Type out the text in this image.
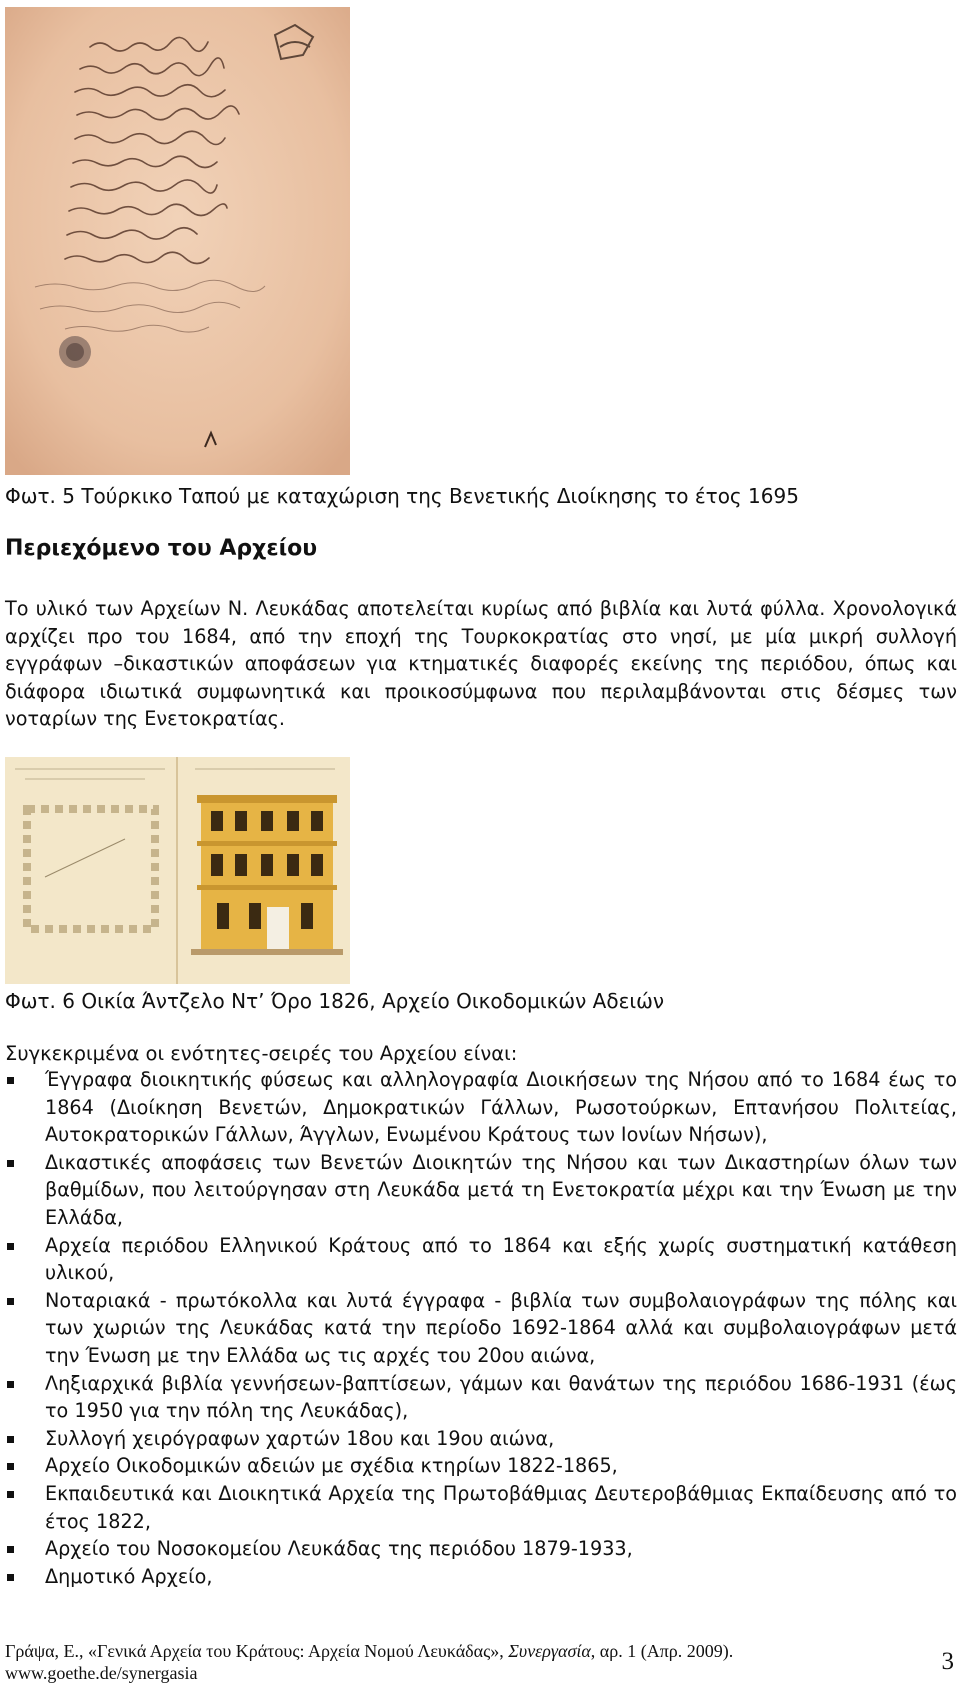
Φωτ. 5 Τούρκικο Ταπού με καταχώριση της Βενετικής Διοίκησης το έτος 1695
Περιεχόμενο του Αρχείου
Το υλικό των Αρχείων Ν. Λευκάδας αποτελείται κυρίως από βιβλία και λυτά φύλλα. Χρονολογικά αρχίζει προ του 1684, από την εποχή της Τουρκοκρατίας στο νησί, με μία μικρή συλλογή εγγράφων –δικαστικών αποφάσεων για κτηματικές διαφορές εκείνης της περιόδου, όπως και διάφορα ιδιωτικά συμφωνητικά και προικοσύμφωνα που περιλαμβάνονται στις δέσμες των νοταρίων της Ενετοκρατίας.
Φωτ. 6 Οικία Άντζελο Ντ’ Όρο 1826, Αρχείο Οικοδομικών Αδειών
Συγκεκριμένα οι ενότητες-σειρές του Αρχείου είναι:
Έγγραφα διοικητικής φύσεως και αλληλογραφία Διοικήσεων της Νήσου από το 1684 έως το 1864 (Διοίκηση Βενετών, Δημοκρατικών Γάλλων, Ρωσοτούρκων, Επτανήσου Πολιτείας, Αυτοκρατορικών Γάλλων, Άγγλων, Ενωμένου Κράτους των Ιονίων Νήσων),
Δικαστικές αποφάσεις των Βενετών Διοικητών της Νήσου και των Δικαστηρίων όλων των βαθμίδων, που λειτούργησαν στη Λευκάδα μετά τη Ενετοκρατία μέχρι και την Ένωση με την Ελλάδα,
Αρχεία περιόδου Ελληνικού Κράτους από το 1864 και εξής χωρίς συστηματική κατάθεση υλικού,
Νοταριακά - πρωτόκολλα και λυτά έγγραφα - βιβλία των συμβολαιογράφων της πόλης και των χωριών της Λευκάδας κατά την περίοδο 1692-1864 αλλά και συμβολαιογράφων μετά την Ένωση με την Ελλάδα ως τις αρχές του 20ου αιώνα,
Ληξιαρχικά βιβλία γεννήσεων-βαπτίσεων, γάμων και θανάτων της περιόδου 1686-1931 (έως το 1950 για την πόλη της Λευκάδας),
Συλλογή χειρόγραφων χαρτών 18ου και 19ου αιώνα,
Αρχείο Οικοδομικών αδειών με σχέδια κτηρίων 1822-1865,
Εκπαιδευτικά και Διοικητικά Αρχεία της Πρωτοβάθμιας Δευτεροβάθμιας Εκπαίδευσης από το έτος 1822,
Αρχείο του Νοσοκομείου Λευκάδας της περιόδου 1879-1933,
Δημοτικό Αρχείο,
Γράψα, Ε., «Γενικά Αρχεία του Κράτους: Αρχεία Νομού Λευκάδας», Συνεργασία, αρ. 1 (Απρ. 2009).
www.goethe.de/synergasia	3
